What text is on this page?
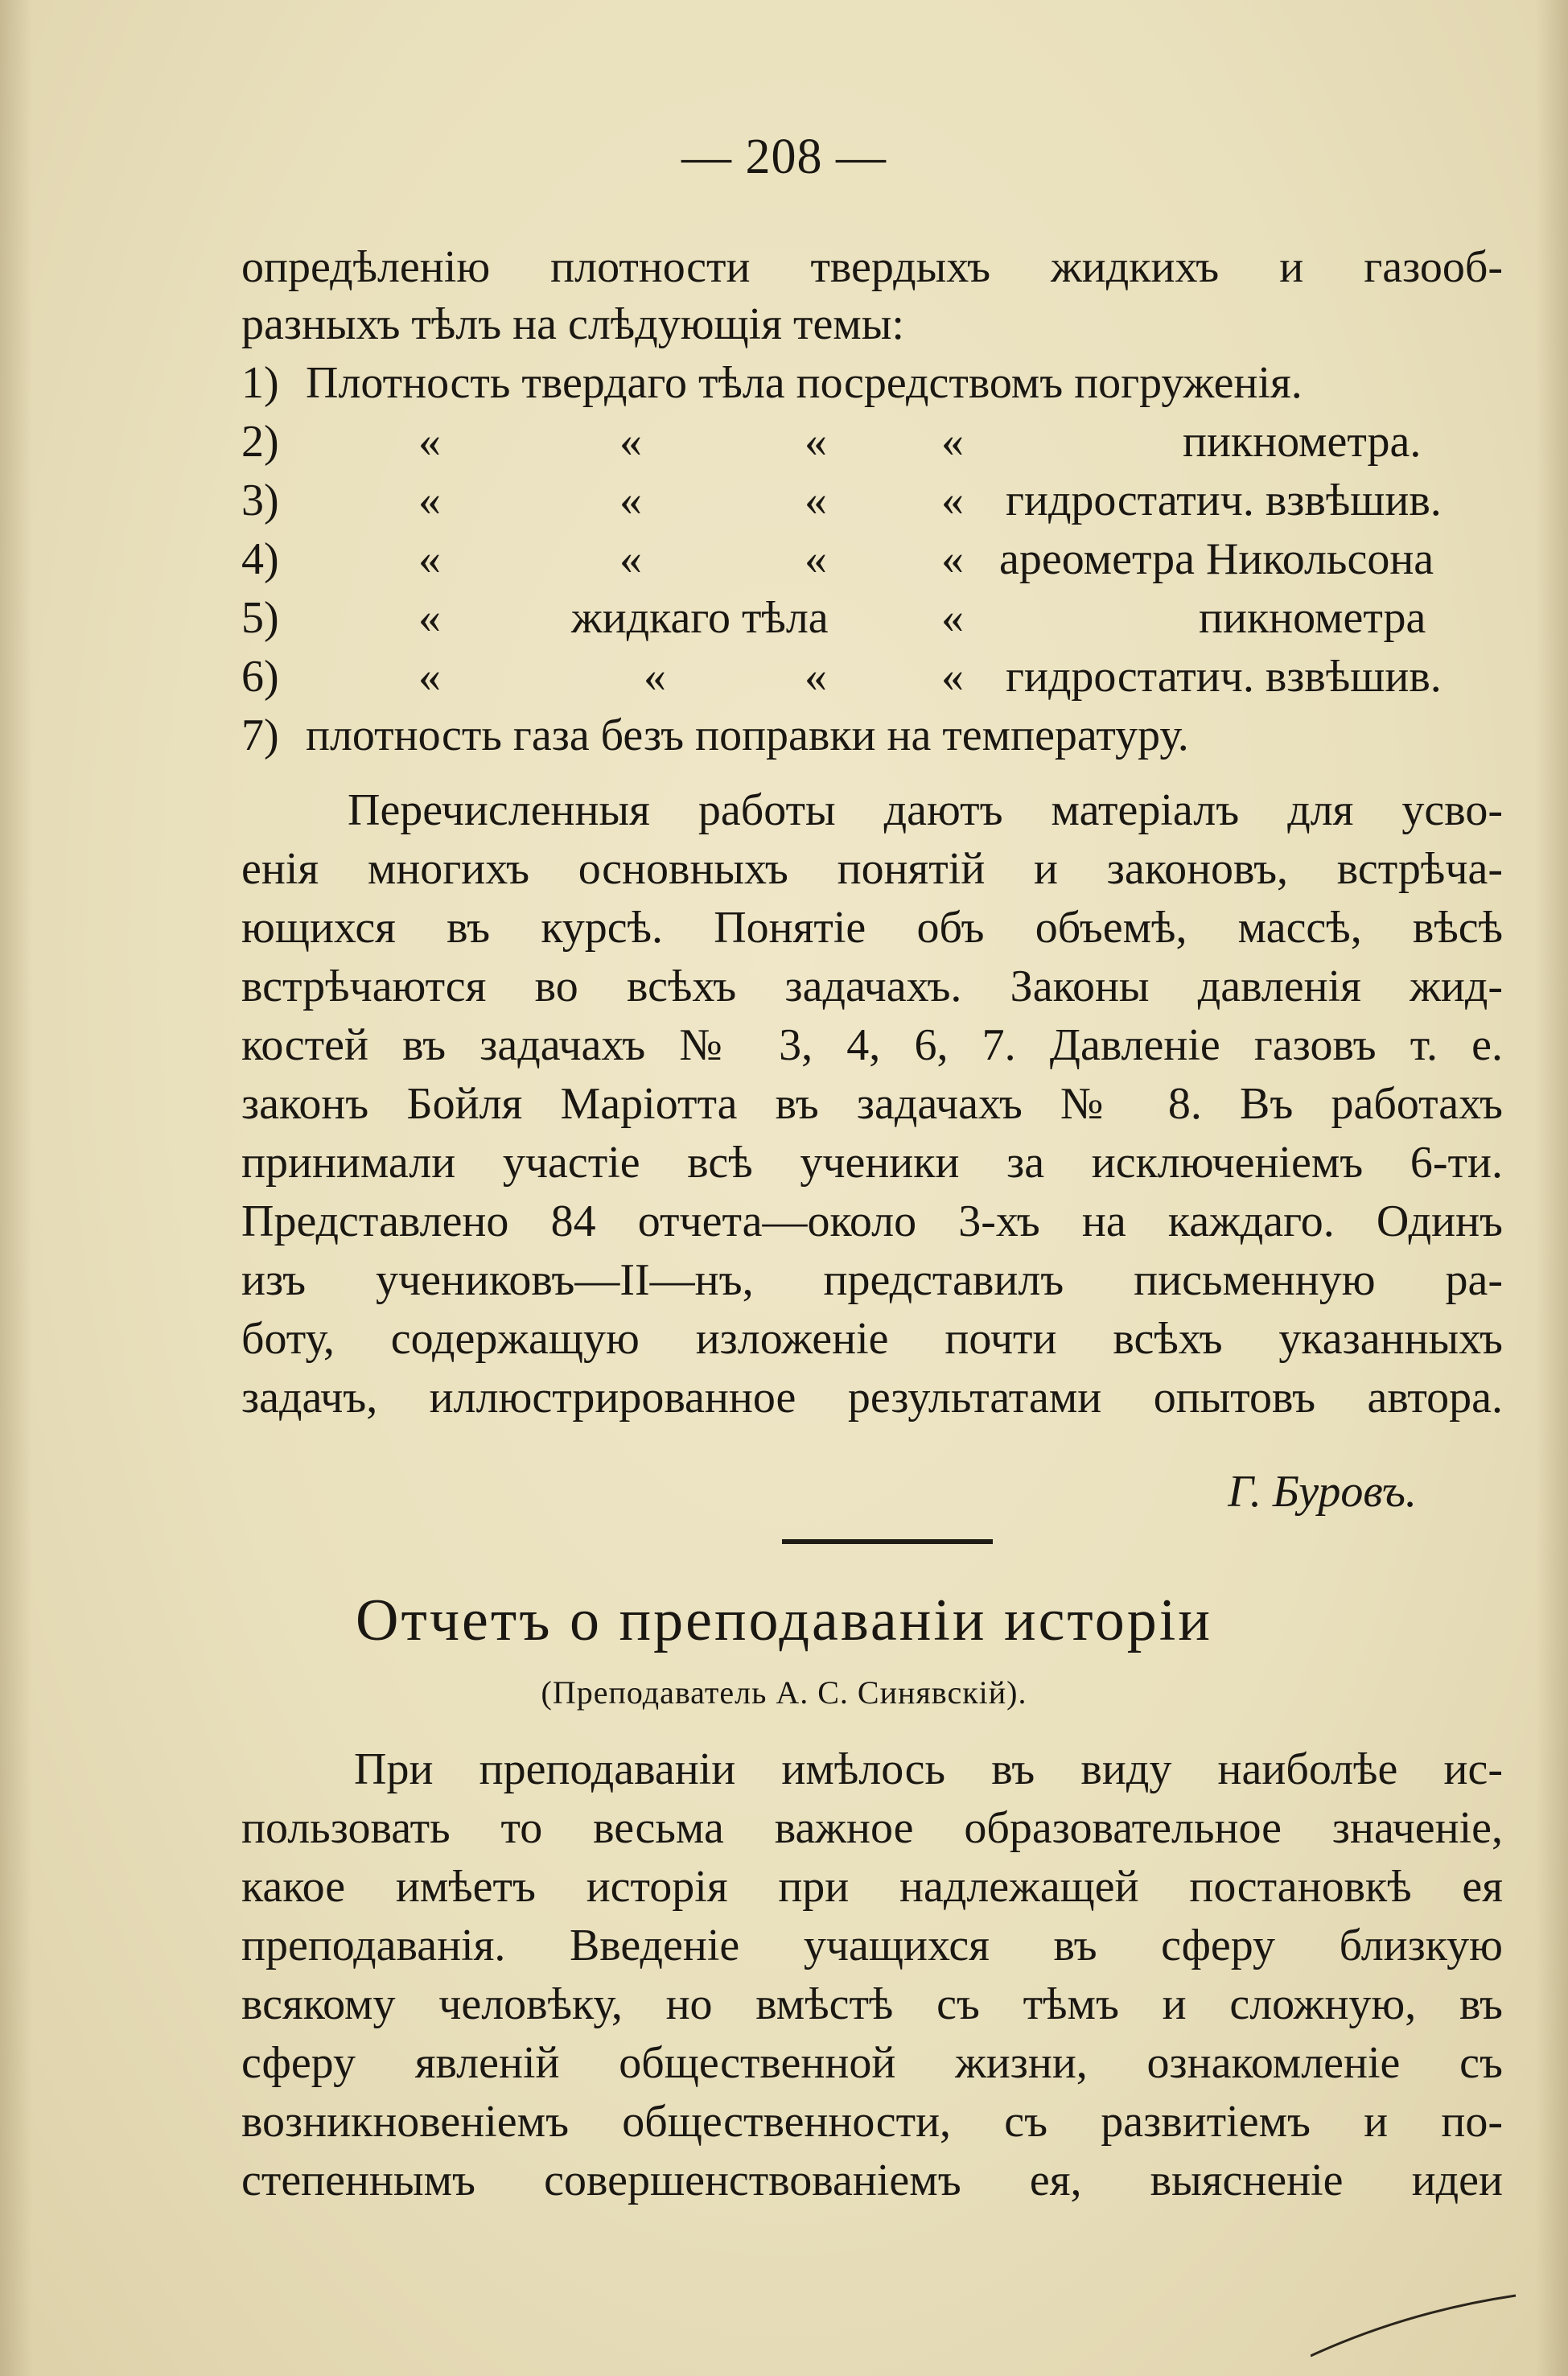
— 208 —
опредѣленію плотности твердыхъ жидкихъ и газооб-
разныхъ тѣлъ на слѣдующія темы:
1) Плотность твердаго тѣла посредствомъ погруженія.
2)	«	«	«	«	пикнометра.
3)	«	«	«	« гидростатич. взвѣшив.
4)	«	«	«	« ареометра Никольсона
5)	«	жидкаго тѣла	«	пикнометра
6)	«	«	«	« гидростатич. взвѣшив.
7) плотность газа безъ поправки на температуру.
Перечисленныя работы даютъ матеріалъ для усво-
енія многихъ основныхъ понятій и законовъ, встрѣча-
ющихся въ курсѣ. Понятіе объ объемѣ, массѣ, вѣсѣ
встрѣчаются во всѣхъ задачахъ. Законы давленія жид-
костей въ задачахъ № 3, 4, 6, 7. Давленіе газовъ т. е.
законъ Бойля Маріотта въ задачахъ № 8. Въ работахъ
принимали участіе всѣ ученики за исключеніемъ 6-ти.
Представлено 84 отчета—около 3-хъ на каждаго. Одинъ
изъ учениковъ—II—нъ, представилъ письменную ра-
боту, содержащую изложеніе почти всѣхъ указанныхъ
задачъ, иллюстрированное результатами опытовъ автора.
Г. Буровъ.
Отчетъ о преподаваніи исторіи
(Преподаватель А. С. Синявскій).
При преподаваніи имѣлось въ виду наиболѣе ис-
пользовать то весьма важное образовательное значеніе,
какое имѣетъ исторія при надлежащей постановкѣ ея
преподаванія. Введеніе учащихся въ сферу близкую
всякому человѣку, но вмѣстѣ съ тѣмъ и сложную, въ
сферу явленій общественной жизни, ознакомленіе съ
возникновеніемъ общественности, съ развитіемъ и по-
степеннымъ совершенствованіемъ ея, выясненіе идеи
